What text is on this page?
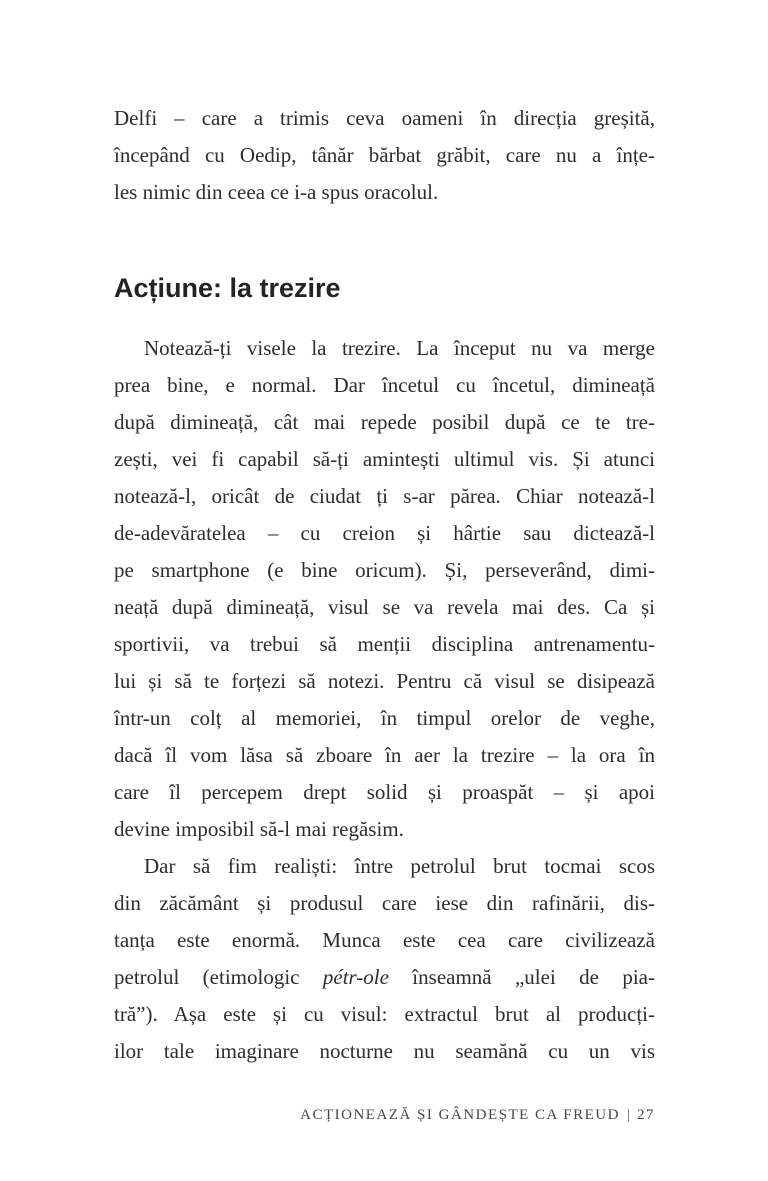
Delfi – care a trimis ceva oameni în direcția greșită,
începând cu Oedip, tânăr bărbat grăbit, care nu a înțe-
les nimic din ceea ce i-a spus oracolul.
Acțiune: la trezire
Notează-ți visele la trezire. La început nu va merge
prea bine, e normal. Dar încetul cu încetul, dimineață
după dimineață, cât mai repede posibil după ce te tre-
zești, vei fi capabil să-ți amintești ultimul vis. Și atunci
notează-l, oricât de ciudat ți s-ar părea. Chiar notează-l
de-adevăratelea – cu creion și hârtie sau dictează-l
pe smartphone (e bine oricum). Și, perseverând, dimi-
neață după dimineață, visul se va revela mai des. Ca și
sportivii, va trebui să menții disciplina antrenamentu-
lui și să te forțezi să notezi. Pentru că visul se disipează
într-un colț al memoriei, în timpul orelor de veghe,
dacă îl vom lăsa să zboare în aer la trezire – la ora în
care îl percepem drept solid și proaspăt – și apoi
devine imposibil să-l mai regăsim.
Dar să fim realiști: între petrolul brut tocmai scos
din zăcământ și produsul care iese din rafinării, dis-
tanța este enormă. Munca este cea care civilizează
petrolul (etimologic pétr-ole înseamnă „ulei de pia-
tră”). Așa este și cu visul: extractul brut al producți-
ilor tale imaginare nocturne nu seamănă cu un vis
ACȚIONEAZĂ ȘI GÂNDEȘTE CA FREUD | 27
